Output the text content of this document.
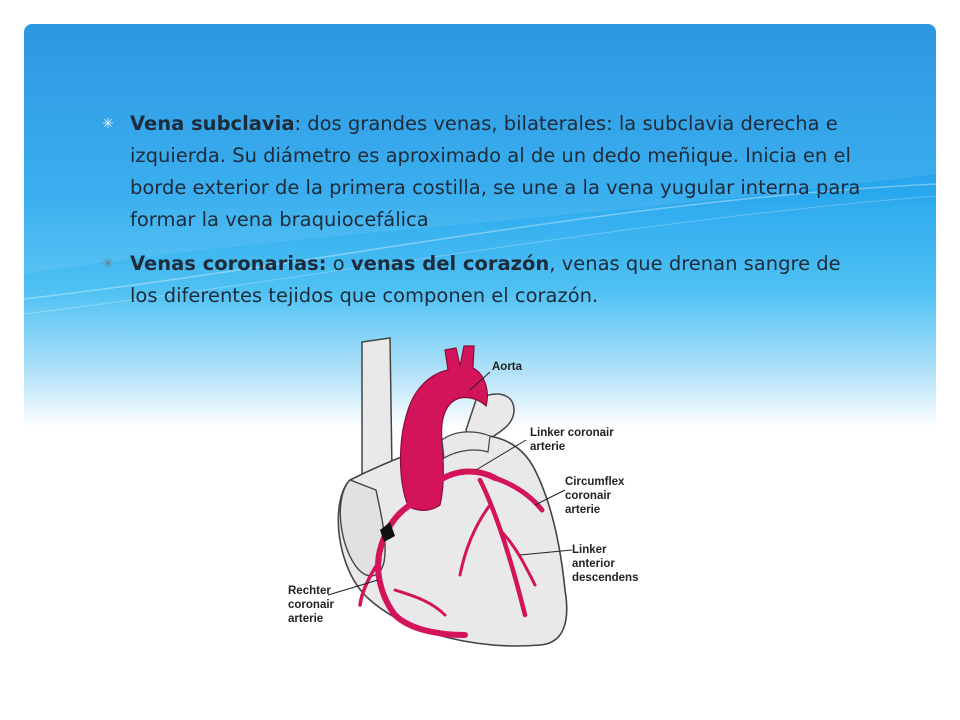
✳ Vena subclavia: dos grandes venas, bilaterales: la subclavia derecha e izquierda. Su diámetro es aproximado al de un dedo meñique. Inicia en el borde exterior de la primera costilla, se une a la vena yugular interna para formar la vena braquiocefálica
✳ Venas coronarias: o venas del corazón, venas que drenan sangre de los diferentes tejidos que componen el corazón.
Aorta
Linker coronair
arterie
Circumflex
coronair
arterie
Linker
anterior
descendens
Rechter
coronair
arterie
